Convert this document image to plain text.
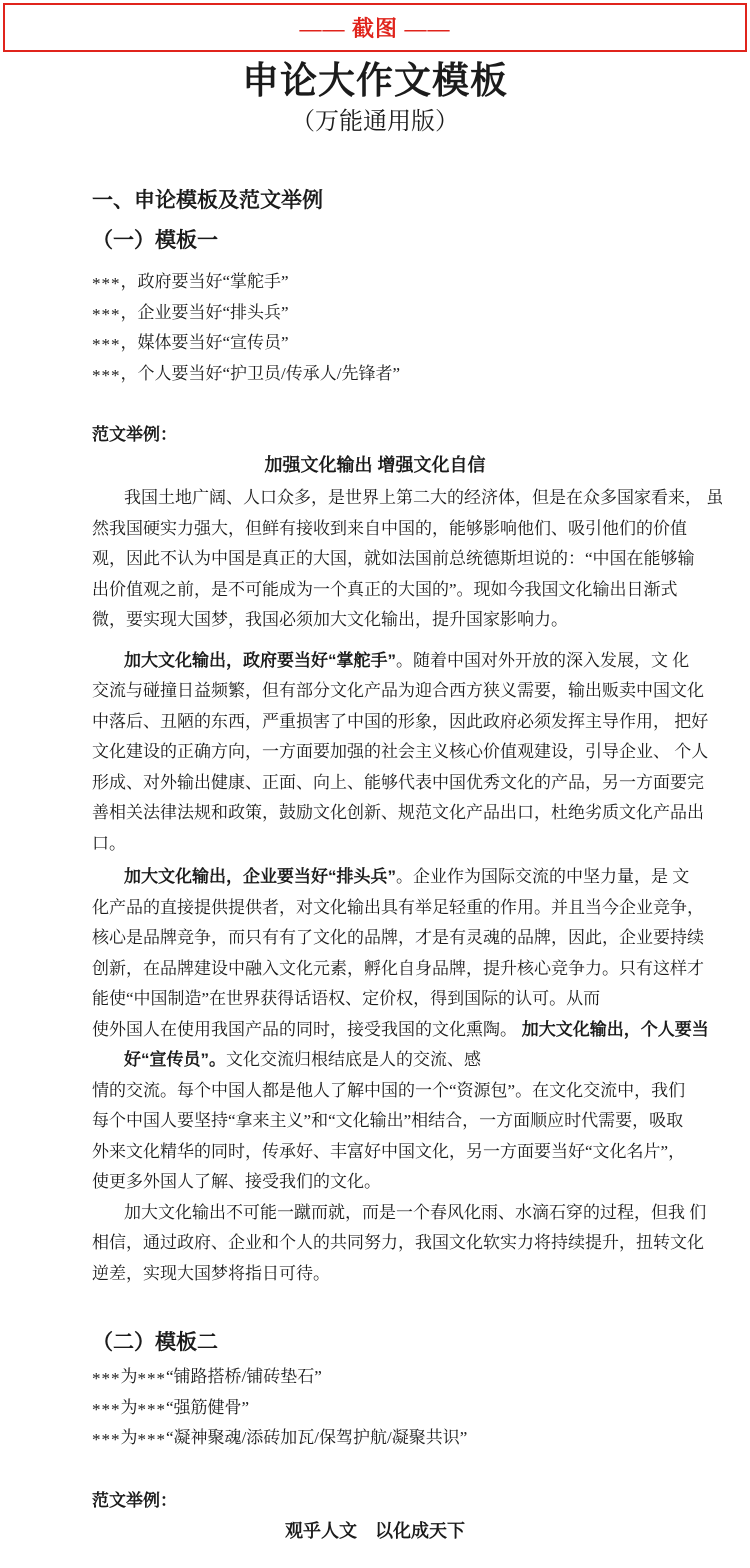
—— 截图 ——
申论大作文模板
（万能通用版）
一、申论模板及范文举例
（一）模板一
***，政府要当好“掌舵手”
***，企业要当好“排头兵”
***，媒体要当好“宣传员”
***，个人要当好“护卫员/传承人/先锋者”
范文举例：
加强文化输出 增强文化自信
我国土地广阔、人口众多，是世界上第二大的经济体，但是在众多国家看来， 虽
然我国硬实力强大，但鲜有接收到来自中国的，能够影响他们、吸引他们的价值
观，因此不认为中国是真正的大国，就如法国前总统德斯坦说的：“中国在能够输
出价值观之前，是不可能成为一个真正的大国的”。现如今我国文化输出日渐式
微，要实现大国梦，我国必须加大文化输出，提升国家影响力。
加大文化输出，政府要当好“掌舵手”。随着中国对外开放的深入发展，文 化
交流与碰撞日益频繁，但有部分文化产品为迎合西方狭义需要，输出贩卖中国文化
中落后、丑陋的东西，严重损害了中国的形象，因此政府必须发挥主导作用， 把好
文化建设的正确方向，一方面要加强的社会主义核心价值观建设，引导企业、 个人
形成、对外输出健康、正面、向上、能够代表中国优秀文化的产品，另一方面要完
善相关法律法规和政策，鼓励文化创新、规范文化产品出口，杜绝劣质文化产品出
口。
加大文化输出，企业要当好“排头兵”。企业作为国际交流的中坚力量，是 文
化产品的直接提供提供者，对文化输出具有举足轻重的作用。并且当今企业竞争，
核心是品牌竞争，而只有有了文化的品牌，才是有灵魂的品牌，因此，企业要持续
创新，在品牌建设中融入文化元素，孵化自身品牌，提升核心竞争力。只有这样才
能使“中国制造”在世界获得话语权、定价权，得到国际的认可。从而
使外国人在使用我国产品的同时，接受我国的文化熏陶。 加大文化输出，个人要当
好“宣传员”。文化交流归根结底是人的交流、感
情的交流。每个中国人都是他人了解中国的一个“资源包”。在文化交流中，我们
每个中国人要坚持“拿来主义”和“文化输出”相结合，一方面顺应时代需要，吸取
外来文化精华的同时，传承好、丰富好中国文化，另一方面要当好“文化名片”，
使更多外国人了解、接受我们的文化。
加大文化输出不可能一蹴而就，而是一个春风化雨、水滴石穿的过程，但我 们
相信，通过政府、企业和个人的共同努力，我国文化软实力将持续提升，扭转文化
逆差，实现大国梦将指日可待。
（二）模板二
***为***“铺路搭桥/铺砖垫石”
***为***“强筋健骨”
***为***“凝神聚魂/添砖加瓦/保驾护航/凝聚共识”
范文举例：
观乎人文　以化成天下
